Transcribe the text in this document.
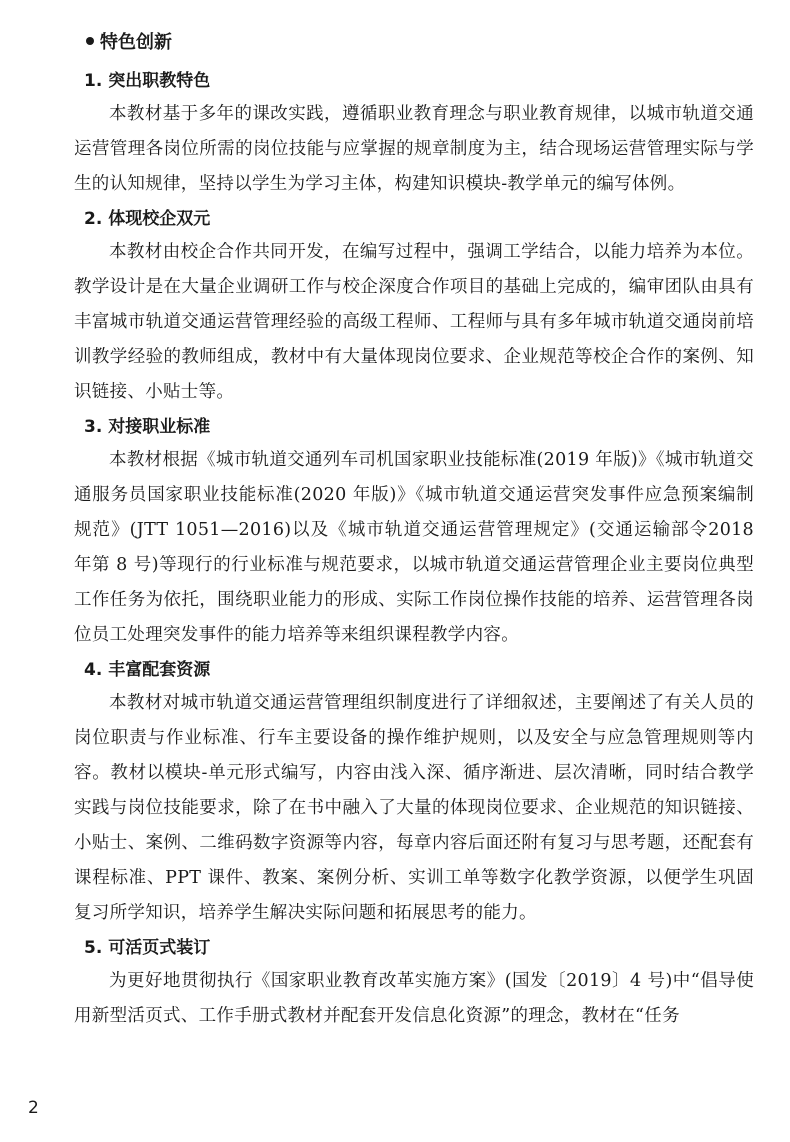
特色创新
1. 突出职教特色

本教材基于多年的课改实践，遵循职业教育理念与职业教育规律，以城市轨道交通运营管理各岗位所需的岗位技能与应掌握的规章制度为主，结合现场运营管理实际与学生的认知规律，坚持以学生为学习主体，构建知识模块-教学单元的编写体例。

2. 体现校企双元

本教材由校企合作共同开发，在编写过程中，强调工学结合，以能力培养为本位。教学设计是在大量企业调研工作与校企深度合作项目的基础上完成的，编审团队由具有丰富城市轨道交通运营管理经验的高级工程师、工程师与具有多年城市轨道交通岗前培训教学经验的教师组成，教材中有大量体现岗位要求、企业规范等校企合作的案例、知识链接、小贴士等。

3. 对接职业标准

本教材根据《城市轨道交通列车司机国家职业技能标准(2019 年版)》《城市轨道交通服务员国家职业技能标准(2020 年版)》《城市轨道交通运营突发事件应急预案编制规范》(JTT 1051—2016)以及《城市轨道交通运营管理规定》(交通运输部令2018 年第 8 号)等现行的行业标准与规范要求，以城市轨道交通运营管理企业主要岗位典型工作任务为依托，围绕职业能力的形成、实际工作岗位操作技能的培养、运营管理各岗位员工处理突发事件的能力培养等来组织课程教学内容。

4. 丰富配套资源

本教材对城市轨道交通运营管理组织制度进行了详细叙述，主要阐述了有关人员的岗位职责与作业标准、行车主要设备的操作维护规则，以及安全与应急管理规则等内容。教材以模块-单元形式编写，内容由浅入深、循序渐进、层次清晰，同时结合教学实践与岗位技能要求，除了在书中融入了大量的体现岗位要求、企业规范的知识链接、小贴士、案例、二维码数字资源等内容，每章内容后面还附有复习与思考题，还配套有课程标准、PPT 课件、教案、案例分析、实训工单等数字化教学资源，以便学生巩固复习所学知识，培养学生解决实际问题和拓展思考的能力。

5. 可活页式装订

为更好地贯彻执行《国家职业教育改革实施方案》(国发〔2019〕4 号)中“倡导使用新型活页式、工作手册式教材并配套开发信息化资源”的理念，教材在“任务

2
